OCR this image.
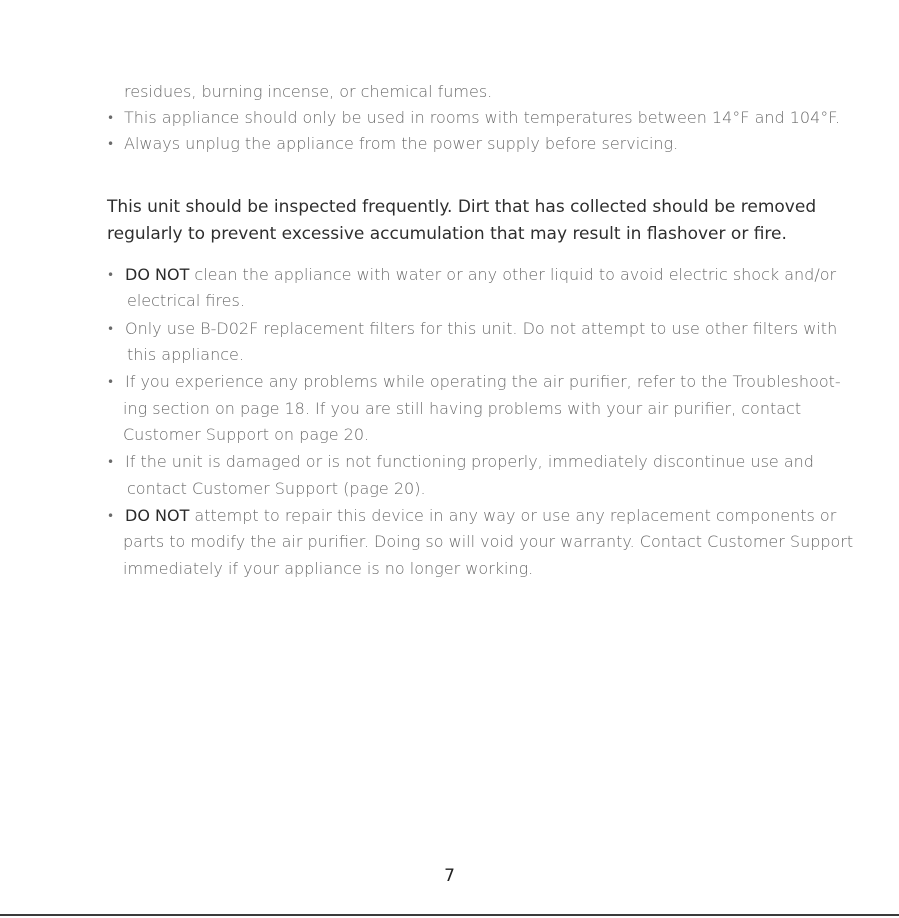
residues, burning incense, or chemical fumes.
• This appliance should only be used in rooms with temperatures between 14°F and 104°F.
• Always unplug the appliance from the power supply before servicing.
This unit should be inspected frequently. Dirt that has collected should be removed
regularly to prevent excessive accumulation that may result in flashover or fire.
• DO NOT clean the appliance with water or any other liquid to avoid electric shock and/or
electrical fires.
• Only use B-D02F replacement filters for this unit. Do not attempt to use other filters with
this appliance.
• If you experience any problems while operating the air purifier, refer to the Troubleshoot-
ing section on page 18. If you are still having problems with your air purifier, contact
Customer Support on page 20.
• If the unit is damaged or is not functioning properly, immediately discontinue use and
contact Customer Support (page 20).
• DO NOT attempt to repair this device in any way or use any replacement components or
parts to modify the air purifier. Doing so will void your warranty. Contact Customer Support
immediately if your appliance is no longer working.
7
